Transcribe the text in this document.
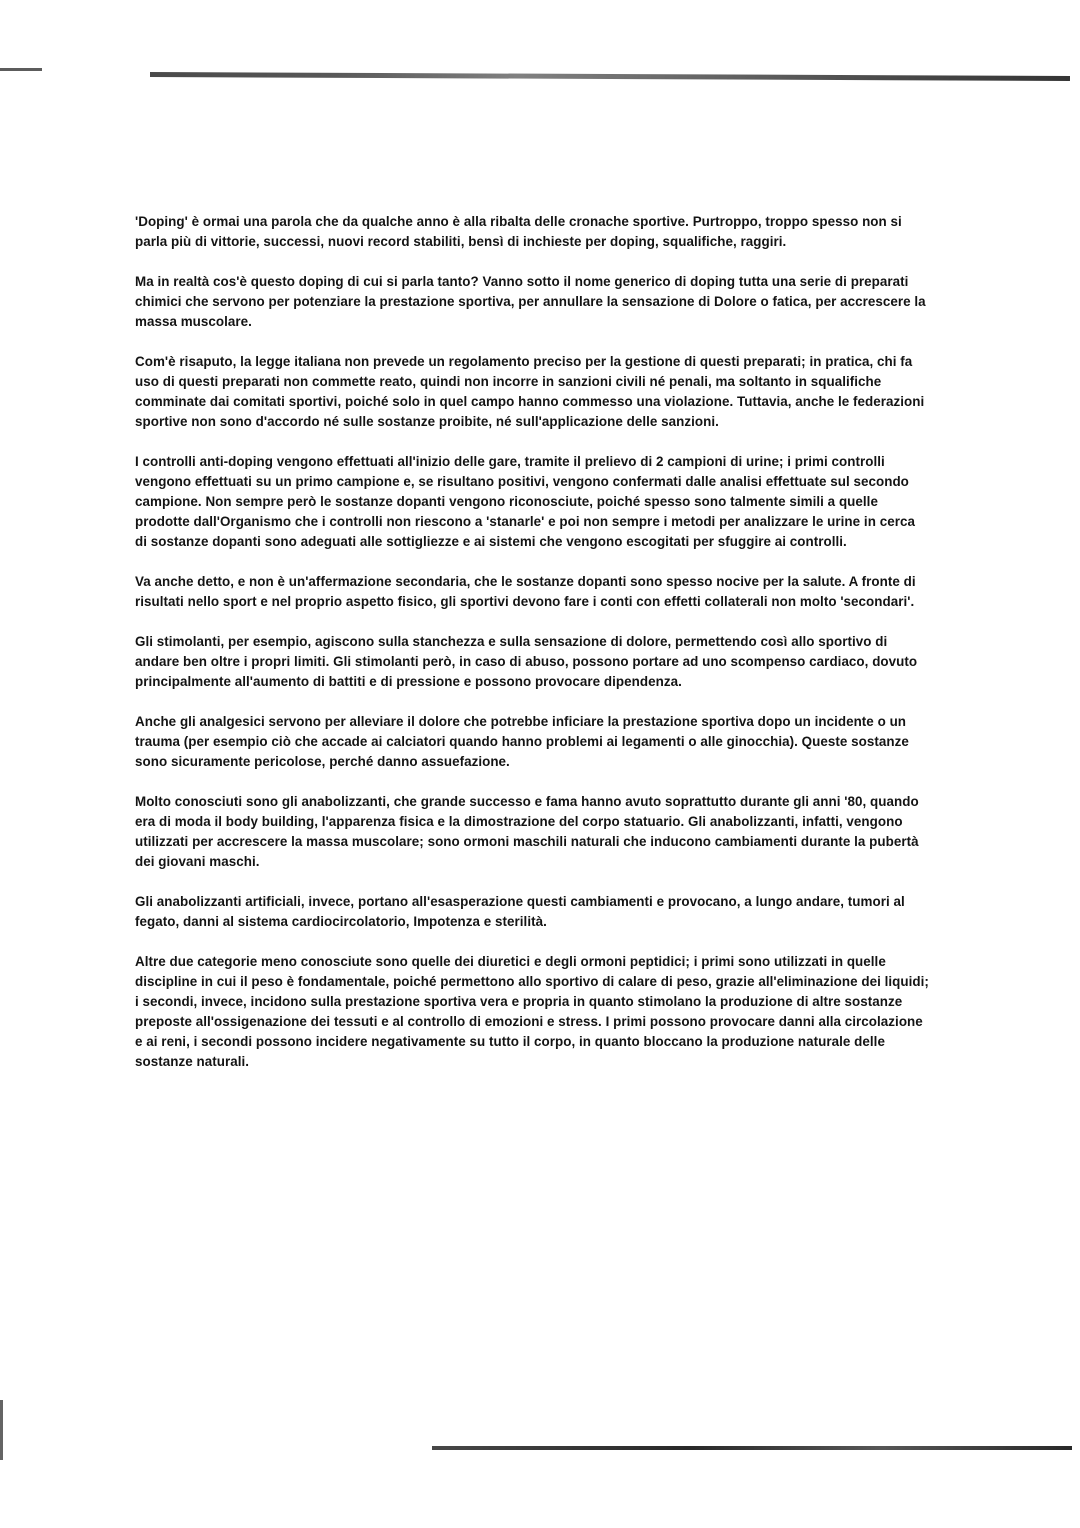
'Doping' è ormai una parola che da qualche anno è alla ribalta delle cronache sportive. Purtroppo, troppo spesso non si parla più di vittorie, successi, nuovi record stabiliti, bensì di inchieste per doping, squalifiche, raggiri.

Ma in realtà cos'è questo doping di cui si parla tanto? Vanno sotto il nome generico di doping tutta una serie di preparati chimici che servono per potenziare la prestazione sportiva, per annullare la sensazione di Dolore o fatica, per accrescere la massa muscolare.

Com'è risaputo, la legge italiana non prevede un regolamento preciso per la gestione di questi preparati; in pratica, chi fa uso di questi preparati non commette reato, quindi non incorre in sanzioni civili né penali, ma soltanto in squalifiche comminate dai comitati sportivi, poiché solo in quel campo hanno commesso una violazione. Tuttavia, anche le federazioni sportive non sono d'accordo né sulle sostanze proibite, né sull'applicazione delle sanzioni.

I controlli anti-doping vengono effettuati all'inizio delle gare, tramite il prelievo di 2 campioni di urine; i primi controlli vengono effettuati su un primo campione e, se risultano positivi, vengono confermati dalle analisi effettuate sul secondo campione. Non sempre però le sostanze dopanti vengono riconosciute, poiché spesso sono talmente simili a quelle prodotte dall'Organismo che i controlli non riescono a 'stanarle' e poi non sempre i metodi per analizzare le urine in cerca di sostanze dopanti sono adeguati alle sottigliezze e ai sistemi che vengono escogitati per sfuggire ai controlli.

Va anche detto, e non è un'affermazione secondaria, che le sostanze dopanti sono spesso nocive per la salute. A fronte di risultati nello sport e nel proprio aspetto fisico, gli sportivi devono fare i conti con effetti collaterali non molto 'secondari'.

Gli stimolanti, per esempio, agiscono sulla stanchezza e sulla sensazione di dolore, permettendo così allo sportivo di andare ben oltre i propri limiti. Gli stimolanti però, in caso di abuso, possono portare ad uno scompenso cardiaco, dovuto principalmente all'aumento di battiti e di pressione e possono provocare dipendenza.

Anche gli analgesici servono per alleviare il dolore che potrebbe inficiare la prestazione sportiva dopo un incidente o un trauma (per esempio ciò che accade ai calciatori quando hanno problemi ai legamenti o alle ginocchia). Queste sostanze sono sicuramente pericolose, perché danno assuefazione.

Molto conosciuti sono gli anabolizzanti, che grande successo e fama hanno avuto soprattutto durante gli anni '80, quando era di moda il body building, l'apparenza fisica e la dimostrazione del corpo statuario. Gli anabolizzanti, infatti, vengono utilizzati per accrescere la massa muscolare; sono ormoni maschili naturali che inducono cambiamenti durante la pubertà dei giovani maschi.

Gli anabolizzanti artificiali, invece, portano all'esasperazione questi cambiamenti e provocano, a lungo andare, tumori al fegato, danni al sistema cardiocircolatorio, Impotenza e sterilità.

Altre due categorie meno conosciute sono quelle dei diuretici e degli ormoni peptidici; i primi sono utilizzati in quelle discipline in cui il peso è fondamentale, poiché permettono allo sportivo di calare di peso, grazie all'eliminazione dei liquidi; i secondi, invece, incidono sulla prestazione sportiva vera e propria in quanto stimolano la produzione di altre sostanze preposte all'ossigenazione dei tessuti e al controllo di emozioni e stress. I primi possono provocare danni alla circolazione e ai reni, i secondi possono incidere negativamente su tutto il corpo, in quanto bloccano la produzione naturale delle sostanze naturali.
